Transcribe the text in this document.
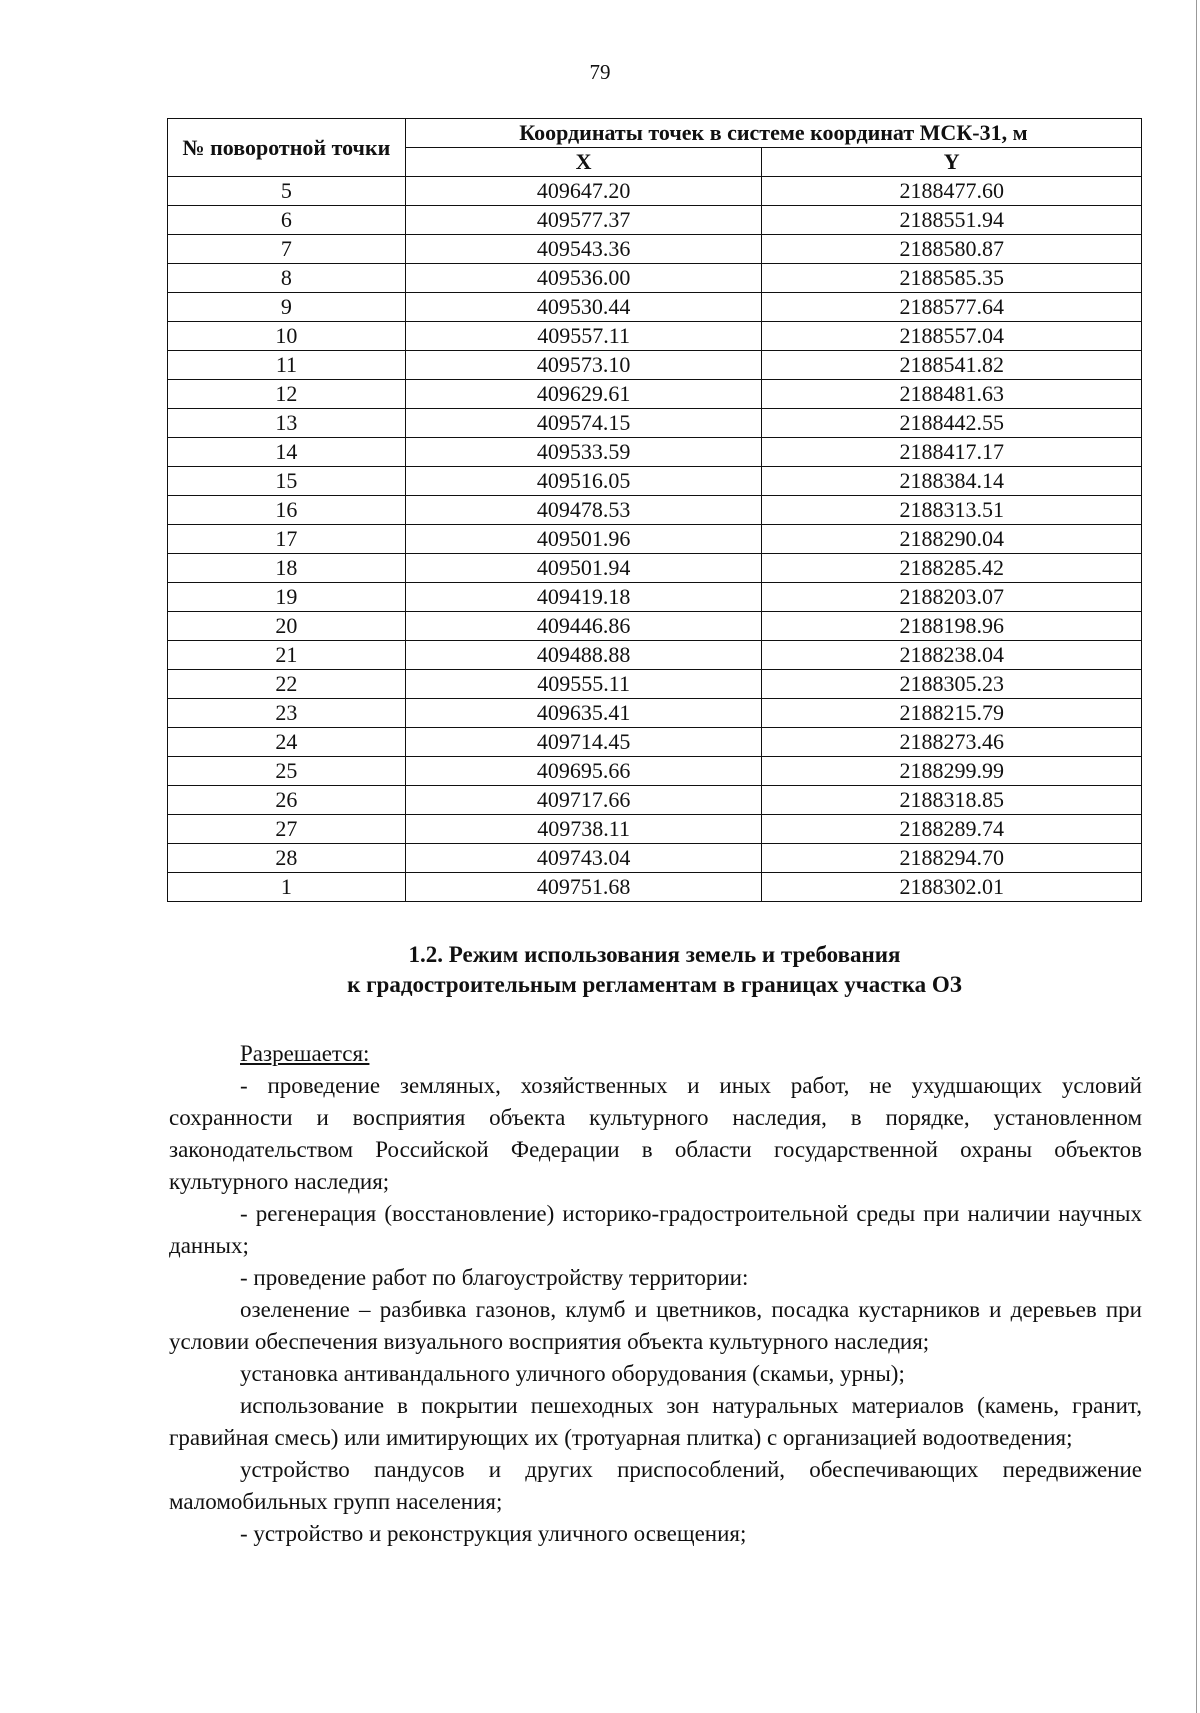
79
№ поворотной точки	Координаты точек в системе координат МСК-31, м	
	X	Y
5	409647.20	2188477.60
6	409577.37	2188551.94
7	409543.36	2188580.87
8	409536.00	2188585.35
9	409530.44	2188577.64
10	409557.11	2188557.04
11	409573.10	2188541.82
12	409629.61	2188481.63
13	409574.15	2188442.55
14	409533.59	2188417.17
15	409516.05	2188384.14
16	409478.53	2188313.51
17	409501.96	2188290.04
18	409501.94	2188285.42
19	409419.18	2188203.07
20	409446.86	2188198.96
21	409488.88	2188238.04
22	409555.11	2188305.23
23	409635.41	2188215.79
24	409714.45	2188273.46
25	409695.66	2188299.99
26	409717.66	2188318.85
27	409738.11	2188289.74
28	409743.04	2188294.70
1	409751.68	2188302.01
1.2. Режим использования земель и требования
к градостроительным регламентам в границах участка ОЗ

Разрешается:

- проведение земляных, хозяйственных и иных работ, не ухудшающих условий сохранности и восприятия объекта культурного наследия, в порядке, установленном законодательством Российской Федерации в области государственной охраны объектов культурного наследия;

- регенерация (восстановление) историко-градостроительной среды при наличии научных данных;

- проведение работ по благоустройству территории:

озеленение – разбивка газонов, клумб и цветников, посадка кустарников и деревьев при условии обеспечения визуального восприятия объекта культурного наследия;

установка антивандального уличного оборудования (скамьи, урны);

использование в покрытии пешеходных зон натуральных материалов (камень, гранит, гравийная смесь) или имитирующих их (тротуарная плитка) с организацией водоотведения;

устройство пандусов и других приспособлений, обеспечивающих передвижение маломобильных групп населения;

- устройство и реконструкция уличного освещения;
